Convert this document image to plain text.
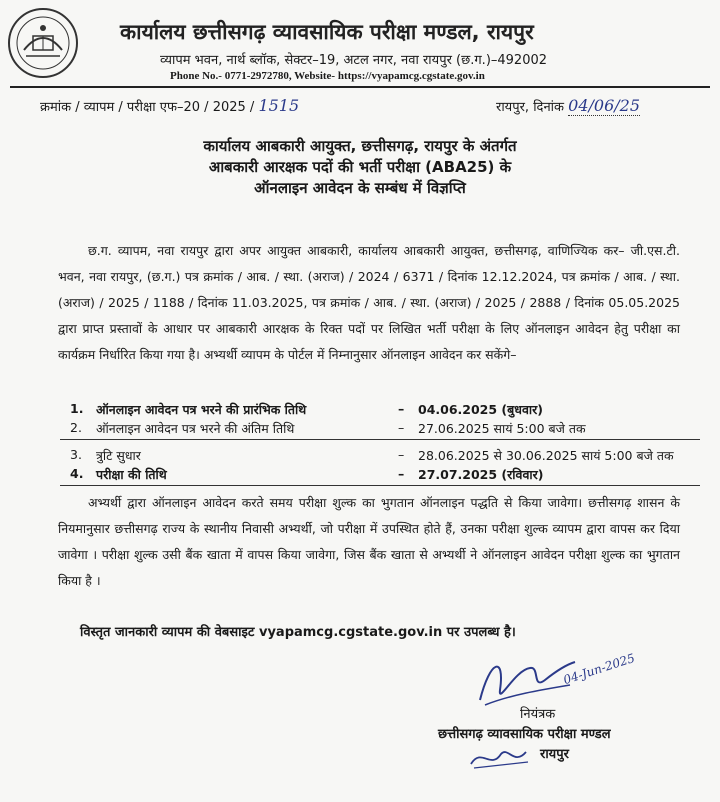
कार्यालय छत्तीसगढ़ व्यावसायिक परीक्षा मण्डल, रायपुर
व्यापम भवन, नार्थ ब्लॉक, सेक्टर–19, अटल नगर, नवा रायपुर (छ.ग.)–492002
Phone No.- 0771-2972780, Website- https://vyapamcg.cgstate.gov.in
क्रमांक / व्यापम / परीक्षा एफ–20 / 2025 / 1515	रायपुर, दिनांक 04/06/25
कार्यालय आबकारी आयुक्त, छत्तीसगढ़, रायपुर के अंतर्गत
आबकारी आरक्षक पदों की भर्ती परीक्षा (ABA25) के
ऑनलाइन आवेदन के सम्बंध में विज्ञप्ति
छ.ग. व्यापम, नवा रायपुर द्वारा अपर आयुक्त आबकारी, कार्यालय आबकारी आयुक्त, छत्तीसगढ़, वाणिज्यिक कर– जी.एस.टी. भवन, नवा रायपुर, (छ.ग.) पत्र क्रमांक / आब. / स्था. (अराज) / 2024 / 6371 / दिनांक 12.12.2024, पत्र क्रमांक / आब. / स्था. (अराज) / 2025 / 1188 / दिनांक 11.03.2025, पत्र क्रमांक / आब. / स्था. (अराज) / 2025 / 2888 / दिनांक 05.05.2025 द्वारा प्राप्त प्रस्तावों के आधार पर आबकारी आरक्षक के रिक्त पदों पर लिखित भर्ती परीक्षा के लिए ऑनलाइन आवेदन हेतु परीक्षा का कार्यक्रम निर्धारित किया गया है। अभ्यर्थी व्यापम के पोर्टल में निम्नानुसार ऑनलाइन आवेदन कर सकेंगे–
1. ऑनलाइन आवेदन पत्र भरने की प्रारंभिक तिथि	– 04.06.2025 (बुधवार)
2. ऑनलाइन आवेदन पत्र भरने की अंतिम तिथि	– 27.06.2025 सायं 5:00 बजे तक
3. त्रुटि सुधार	– 28.06.2025 से 30.06.2025 सायं 5:00 बजे तक
4. परीक्षा की तिथि	– 27.07.2025 (रविवार)
अभ्यर्थी द्वारा ऑनलाइन आवेदन करते समय परीक्षा शुल्क का भुगतान ऑनलाइन पद्धति से किया जावेगा। छत्तीसगढ़ शासन के नियमानुसार छत्तीसगढ़ राज्य के स्थानीय निवासी अभ्यर्थी, जो परीक्षा में उपस्थित होते हैं, उनका परीक्षा शुल्क व्यापम द्वारा वापस कर दिया जावेगा । परीक्षा शुल्क उसी बैंक खाता में वापस किया जावेगा, जिस बैंक खाता से अभ्यर्थी ने ऑनलाइन आवेदन परीक्षा शुल्क का भुगतान किया है ।
विस्तृत जानकारी व्यापम की वेबसाइट vyapamcg.cgstate.gov.in पर उपलब्ध है।
04-Jun-2025
नियंत्रक
छत्तीसगढ़ व्यावसायिक परीक्षा मण्डल
रायपुर
